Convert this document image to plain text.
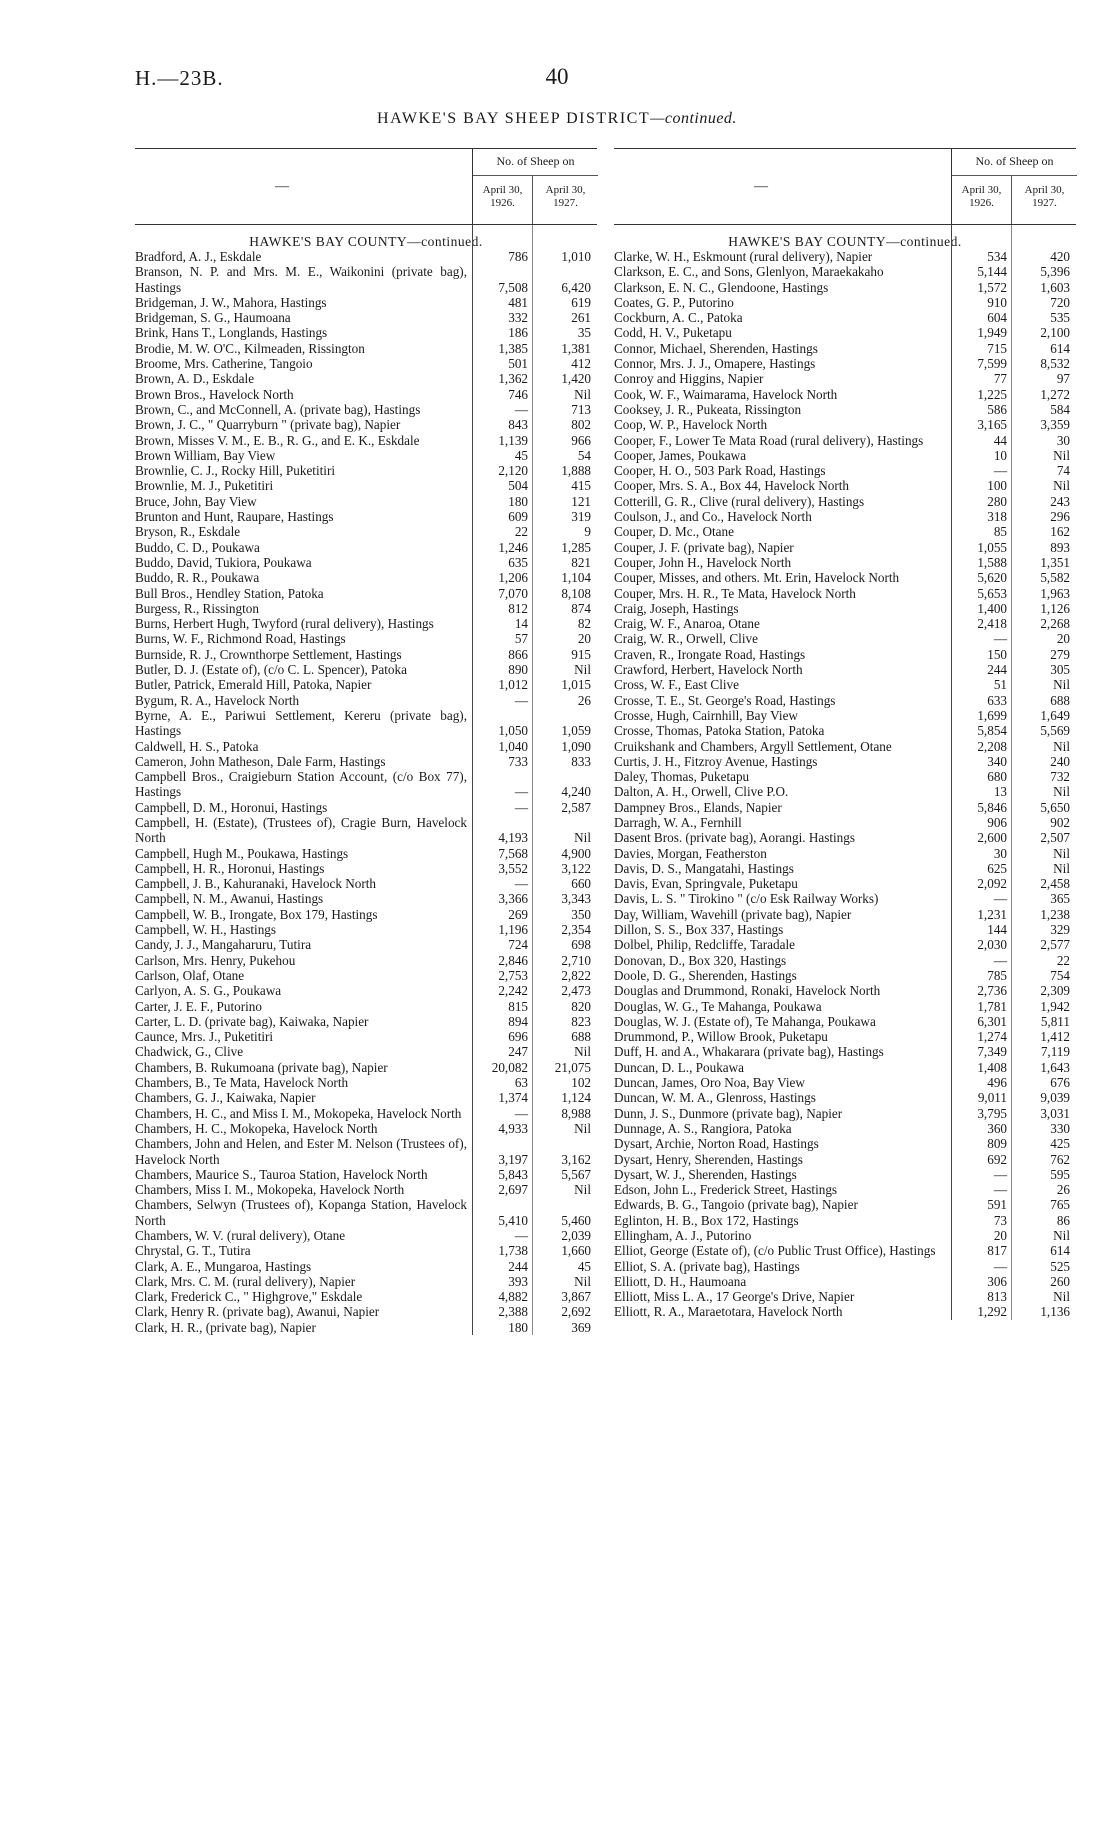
H.—23B.	40
HAWKE'S BAY SHEEP DISTRICT—continued.
—
No. of Sheep on
April 30, 1926.
April 30, 1927.
HAWKE'S BAY COUNTY—continued.
Bradford, A. J., Eskdale	786	1,010
Branson, N. P. and Mrs. M. E., Waikonini (private bag), Hastings	7,508	6,420
Bridgeman, J. W., Mahora, Hastings	481	619
Bridgeman, S. G., Haumoana	332	261
Brink, Hans T., Longlands, Hastings	186	35
Brodie, M. W. O'C., Kilmeaden, Rissington	1,385	1,381
Broome, Mrs. Catherine, Tangoio	501	412
Brown, A. D., Eskdale	1,362	1,420
Brown Bros., Havelock North	746	Nil
Brown, C., and McConnell, A. (private bag), Hastings	—	713
Brown, J. C., " Quarryburn " (private bag), Napier	843	802
Brown, Misses V. M., E. B., R. G., and E. K., Eskdale	1,139	966
Brown William, Bay View	45	54
Brownlie, C. J., Rocky Hill, Puketitiri	2,120	1,888
Brownlie, M. J., Puketitiri	504	415
Bruce, John, Bay View	180	121
Brunton and Hunt, Raupare, Hastings	609	319
Bryson, R., Eskdale	22	9
Buddo, C. D., Poukawa	1,246	1,285
Buddo, David, Tukiora, Poukawa	635	821
Buddo, R. R., Poukawa	1,206	1,104
Bull Bros., Hendley Station, Patoka	7,070	8,108
Burgess, R., Rissington	812	874
Burns, Herbert Hugh, Twyford (rural delivery), Hastings	14	82
Burns, W. F., Richmond Road, Hastings	57	20
Burnside, R. J., Crownthorpe Settlement, Hastings	866	915
Butler, D. J. (Estate of), (c/o C. L. Spencer), Patoka	890	Nil
Butler, Patrick, Emerald Hill, Patoka, Napier	1,012	1,015
Bygum, R. A., Havelock North	—	26
Byrne, A. E., Pariwui Settlement, Kereru (private bag), Hastings	1,050	1,059
Caldwell, H. S., Patoka	1,040	1,090
Cameron, John Matheson, Dale Farm, Hastings	733	833
Campbell Bros., Craigieburn Station Account, (c/o Box 77), Hastings	—	4,240
Campbell, D. M., Horonui, Hastings	—	2,587
Campbell, H. (Estate), (Trustees of), Cragie Burn, Havelock North	4,193	Nil
Campbell, Hugh M., Poukawa, Hastings	7,568	4,900
Campbell, H. R., Horonui, Hastings	3,552	3,122
Campbell, J. B., Kahuranaki, Havelock North	—	660
Campbell, N. M., Awanui, Hastings	3,366	3,343
Campbell, W. B., Irongate, Box 179, Hastings	269	350
Campbell, W. H., Hastings	1,196	2,354
Candy, J. J., Mangaharuru, Tutira	724	698
Carlson, Mrs. Henry, Pukehou	2,846	2,710
Carlson, Olaf, Otane	2,753	2,822
Carlyon, A. S. G., Poukawa	2,242	2,473
Carter, J. E. F., Putorino	815	820
Carter, L. D. (private bag), Kaiwaka, Napier	894	823
Caunce, Mrs. J., Puketitiri	696	688
Chadwick, G., Clive	247	Nil
Chambers, B. Rukumoana (private bag), Napier	20,082	21,075
Chambers, B., Te Mata, Havelock North	63	102
Chambers, G. J., Kaiwaka, Napier	1,374	1,124
Chambers, H. C., and Miss I. M., Mokopeka, Havelock North	—	8,988
Chambers, H. C., Mokopeka, Havelock North	4,933	Nil
Chambers, John and Helen, and Ester M. Nelson (Trustees of), Havelock North	3,197	3,162
Chambers, Maurice S., Tauroa Station, Havelock North	5,843	5,567
Chambers, Miss I. M., Mokopeka, Havelock North	2,697	Nil
Chambers, Selwyn (Trustees of), Kopanga Station, Havelock North	5,410	5,460
Chambers, W. V. (rural delivery), Otane	—	2,039
Chrystal, G. T., Tutira	1,738	1,660
Clark, A. E., Mungaroa, Hastings	244	45
Clark, Mrs. C. M. (rural delivery), Napier	393	Nil
Clark, Frederick C., " Highgrove," Eskdale	4,882	3,867
Clark, Henry R. (private bag), Awanui, Napier	2,388	2,692
Clark, H. R., (private bag), Napier	180	369
—
No. of Sheep on
April 30, 1926.
April 30, 1927.
HAWKE'S BAY COUNTY—continued.
Clarke, W. H., Eskmount (rural delivery), Napier	534	420
Clarkson, E. C., and Sons, Glenlyon, Maraekakaho	5,144	5,396
Clarkson, E. N. C., Glendoone, Hastings	1,572	1,603
Coates, G. P., Putorino	910	720
Cockburn, A. C., Patoka	604	535
Codd, H. V., Puketapu	1,949	2,100
Connor, Michael, Sherenden, Hastings	715	614
Connor, Mrs. J. J., Omapere, Hastings	7,599	8,532
Conroy and Higgins, Napier	77	97
Cook, W. F., Waimarama, Havelock North	1,225	1,272
Cooksey, J. R., Pukeata, Rissington	586	584
Coop, W. P., Havelock North	3,165	3,359
Cooper, F., Lower Te Mata Road (rural delivery), Hastings	44	30
Cooper, James, Poukawa	10	Nil
Cooper, H. O., 503 Park Road, Hastings	—	74
Cooper, Mrs. S. A., Box 44, Havelock North	100	Nil
Cotterill, G. R., Clive (rural delivery), Hastings	280	243
Coulson, J., and Co., Havelock North	318	296
Couper, D. Mc., Otane	85	162
Couper, J. F. (private bag), Napier	1,055	893
Couper, John H., Havelock North	1,588	1,351
Couper, Misses, and others. Mt. Erin, Havelock North	5,620	5,582
Couper, Mrs. H. R., Te Mata, Havelock North	5,653	1,963
Craig, Joseph, Hastings	1,400	1,126
Craig, W. F., Anaroa, Otane	2,418	2,268
Craig, W. R., Orwell, Clive	—	20
Craven, R., Irongate Road, Hastings	150	279
Crawford, Herbert, Havelock North	244	305
Cross, W. F., East Clive	51	Nil
Crosse, T. E., St. George's Road, Hastings	633	688
Crosse, Hugh, Cairnhill, Bay View	1,699	1,649
Crosse, Thomas, Patoka Station, Patoka	5,854	5,569
Cruikshank and Chambers, Argyll Settlement, Otane	2,208	Nil
Curtis, J. H., Fitzroy Avenue, Hastings	340	240
Daley, Thomas, Puketapu	680	732
Dalton, A. H., Orwell, Clive P.O.	13	Nil
Dampney Bros., Elands, Napier	5,846	5,650
Darragh, W. A., Fernhill	906	902
Dasent Bros. (private bag), Aorangi. Hastings	2,600	2,507
Davies, Morgan, Featherston	30	Nil
Davis, D. S., Mangatahi, Hastings	625	Nil
Davis, Evan, Springvale, Puketapu	2,092	2,458
Davis, L. S. " Tirokino " (c/o Esk Railway Works)	—	365
Day, William, Wavehill (private bag), Napier	1,231	1,238
Dillon, S. S., Box 337, Hastings	144	329
Dolbel, Philip, Redcliffe, Taradale	2,030	2,577
Donovan, D., Box 320, Hastings	—	22
Doole, D. G., Sherenden, Hastings	785	754
Douglas and Drummond, Ronaki, Havelock North	2,736	2,309
Douglas, W. G., Te Mahanga, Poukawa	1,781	1,942
Douglas, W. J. (Estate of), Te Mahanga, Poukawa	6,301	5,811
Drummond, P., Willow Brook, Puketapu	1,274	1,412
Duff, H. and A., Whakarara (private bag), Hastings	7,349	7,119
Duncan, D. L., Poukawa	1,408	1,643
Duncan, James, Oro Noa, Bay View	496	676
Duncan, W. M. A., Glenross, Hastings	9,011	9,039
Dunn, J. S., Dunmore (private bag), Napier	3,795	3,031
Dunnage, A. S., Rangiora, Patoka	360	330
Dysart, Archie, Norton Road, Hastings	809	425
Dysart, Henry, Sherenden, Hastings	692	762
Dysart, W. J., Sherenden, Hastings	—	595
Edson, John L., Frederick Street, Hastings	—	26
Edwards, B. G., Tangoio (private bag), Napier	591	765
Eglinton, H. B., Box 172, Hastings	73	86
Ellingham, A. J., Putorino	20	Nil
Elliot, George (Estate of), (c/o Public Trust Office), Hastings	817	614
Elliot, S. A. (private bag), Hastings	—	525
Elliott, D. H., Haumoana	306	260
Elliott, Miss L. A., 17 George's Drive, Napier	813	Nil
Elliott, R. A., Maraetotara, Havelock North	1,292	1,136
